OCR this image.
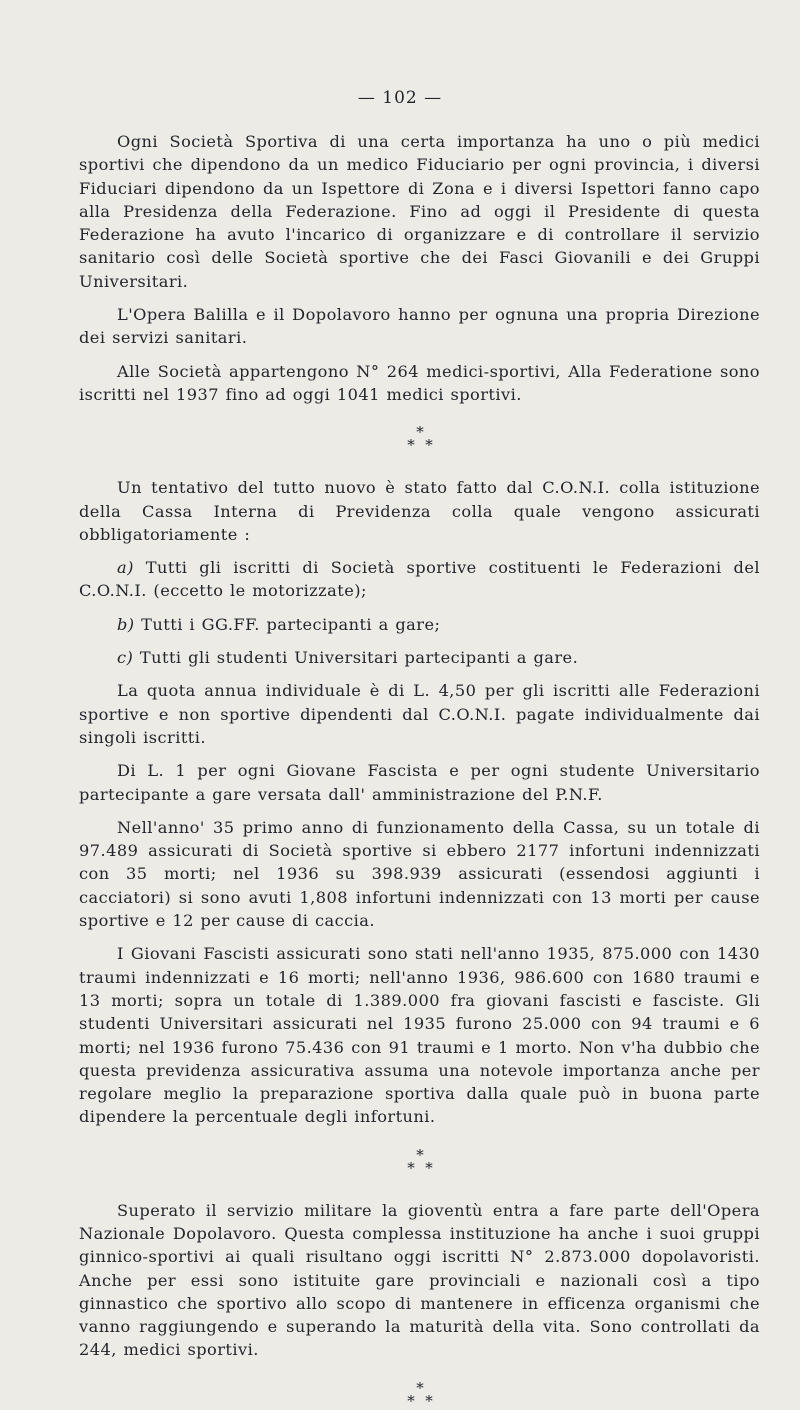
— 102 —

Ogni Società Sportiva di una certa importanza ha uno o più medici sportivi che dipendono da un medico Fiduciario per ogni provincia, i diversi Fiduciari dipendono da un Ispettore di Zona e i diversi Ispettori fanno capo alla Presidenza della Federazione. Fino ad oggi il Presidente di questa Federazione ha avuto l'incarico di organizzare e di controllare il servizio sanitario così delle Società sportive che dei Fasci Giovanili e dei Gruppi Universitari.

L'Opera Balilla e il Dopolavoro hanno per ognuna una propria Direzione dei servizi sanitari.

Alle Società appartengono N° 264 medici-sportivi, Alla Federatione sono iscritti nel 1937 fino ad oggi 1041 medici sportivi.

*
* *

Un tentativo del tutto nuovo è stato fatto dal C.O.N.I. colla istituzione della Cassa Interna di Previdenza colla quale vengono assicurati obbligatoriamente :

a) Tutti gli iscritti di Società sportive costituenti le Federazioni del C.O.N.I. (eccetto le motorizzate);

b) Tutti i GG.FF. partecipanti a gare;

c) Tutti gli studenti Universitari partecipanti a gare.

La quota annua individuale è di L. 4,50 per gli iscritti alle Federazioni sportive e non sportive dipendenti dal C.O.N.I. pagate individualmente dai singoli iscritti.

Di L. 1 per ogni Giovane Fascista e per ogni studente Universitario partecipante a gare versata dall' amministrazione del P.N.F.

Nell'anno' 35 primo anno di funzionamento della Cassa, su un totale di 97.489 assicurati di Società sportive si ebbero 2177 infortuni indennizzati con 35 morti; nel 1936 su 398.939 assicurati (essendosi aggiunti i cacciatori) si sono avuti 1,808 infortuni indennizzati con 13 morti per cause sportive e 12 per cause di caccia.

I Giovani Fascisti assicurati sono stati nell'anno 1935, 875.000 con 1430 traumi indennizzati e 16 morti; nell'anno 1936, 986.600 con 1680 traumi e 13 morti; sopra un totale di 1.389.000 fra giovani fascisti e fasciste. Gli studenti Universitari assicurati nel 1935 furono 25.000 con 94 traumi e 6 morti; nel 1936 furono 75.436 con 91 traumi e 1 morto. Non v'ha dubbio che questa previdenza assicurativa assuma una notevole importanza anche per regolare meglio la preparazione sportiva dalla quale può in buona parte dipendere la percentuale degli infortuni.

*
* *

Superato il servizio militare la gioventù entra a fare parte dell'Opera Nazionale Dopolavoro. Questa complessa instituzione ha anche i suoi gruppi ginnico-sportivi ai quali risultano oggi iscritti N° 2.873.000 dopolavoristi. Anche per essi sono istituite gare provinciali e nazionali così a tipo ginnastico che sportivo allo scopo di mantenere in efficenza organismi che vanno raggiungendo e superando la maturità della vita. Sono controllati da 244, medici sportivi.

*
* *
